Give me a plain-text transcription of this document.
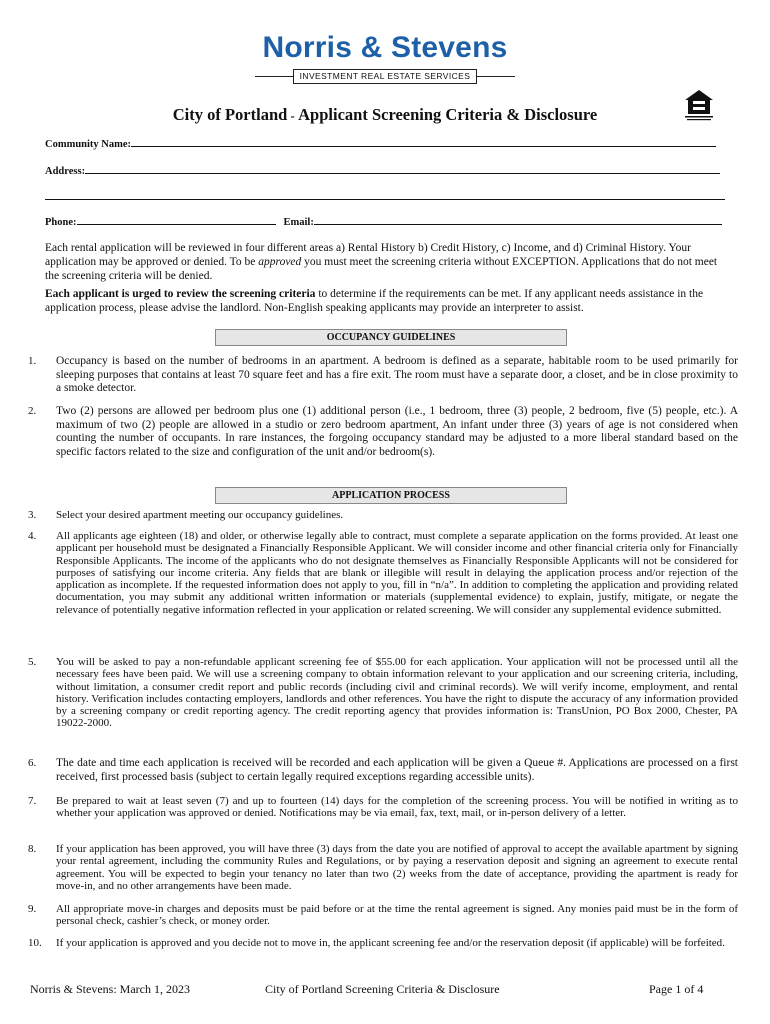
Norris & Stevens
INVESTMENT REAL ESTATE SERVICES
City of Portland - Applicant Screening Criteria & Disclosure
Community Name:
Address:
Phone:	Email:
Each rental application will be reviewed in four different areas a) Rental History b) Credit History, c) Income, and d) Criminal History. Your application may be approved or denied. To be approved you must meet the screening criteria without EXCEPTION. Applications that do not meet the screening criteria will be denied.
Each applicant is urged to review the screening criteria to determine if the requirements can be met. If any applicant needs assistance in the application process, please advise the landlord. Non-English speaking applicants may provide an interpreter to assist.
OCCUPANCY GUIDELINES
1.	Occupancy is based on the number of bedrooms in an apartment. A bedroom is defined as a separate, habitable room to be used primarily for sleeping purposes that contains at least 70 square feet and has a fire exit. The room must have a separate door, a closet, and be in close proximity to a smoke detector.
2.	Two (2) persons are allowed per bedroom plus one (1) additional person (i.e., 1 bedroom, three (3) people, 2 bedroom, five (5) people, etc.). A maximum of two (2) people are allowed in a studio or zero bedroom apartment, An infant under three (3) years of age is not considered when counting the number of occupants. In rare instances, the forgoing occupancy standard may be adjusted to a more liberal standard based on the specific factors related to the size and configuration of the unit and/or bedroom(s).
APPLICATION PROCESS
3.	Select your desired apartment meeting our occupancy guidelines.
4.	All applicants age eighteen (18) and older, or otherwise legally able to contract, must complete a separate application on the forms provided. At least one applicant per household must be designated a Financially Responsible Applicant. We will consider income and other financial criteria only for Financially Responsible Applicants. The income of the applicants who do not designate themselves as Financially Responsible Applicants will not be considered for purposes of satisfying our income criteria. Any fields that are blank or illegible will result in delaying the application process and/or rejection of the application as incomplete. If the requested information does not apply to you, fill in “n/a”. In addition to completing the application and providing related documentation, you may submit any additional written information or materials (supplemental evidence) to explain, justify, mitigate, or negate the relevance of potentially negative information reflected in your application or related screening. We will consider any supplemental evidence submitted.
5.	You will be asked to pay a non-refundable applicant screening fee of $55.00 for each application. Your application will not be processed until all the necessary fees have been paid. We will use a screening company to obtain information relevant to your application and our screening criteria, including, without limitation, a consumer credit report and public records (including civil and criminal records). We will verify income, employment, and rental history. Verification includes contacting employers, landlords and other references. You have the right to dispute the accuracy of any information provided by a screening company or credit reporting agency. The credit reporting agency that provides information is: TransUnion, PO Box 2000, Chester, PA 19022-2000.
6.	The date and time each application is received will be recorded and each application will be given a Queue #. Applications are processed on a first received, first processed basis (subject to certain legally required exceptions regarding accessible units).
7.	Be prepared to wait at least seven (7) and up to fourteen (14) days for the completion of the screening process. You will be notified in writing as to whether your application was approved or denied. Notifications may be via email, fax, text, mail, or in-person delivery of a letter.
8.	If your application has been approved, you will have three (3) days from the date you are notified of approval to accept the available apartment by signing your rental agreement, including the community Rules and Regulations, or by paying a reservation deposit and signing an agreement to execute rental agreement. You will be expected to begin your tenancy no later than two (2) weeks from the date of acceptance, providing the apartment is ready for move-in, and no other arrangements have been made.
9.	All appropriate move-in charges and deposits must be paid before or at the time the rental agreement is signed. Any monies paid must be in the form of personal check, cashier’s check, or money order.
10.	If your application is approved and you decide not to move in, the applicant screening fee and/or the reservation deposit (if applicable) will be forfeited.
Norris & Stevens: March 1, 2023	City of Portland Screening Criteria & Disclosure	Page 1 of 4
